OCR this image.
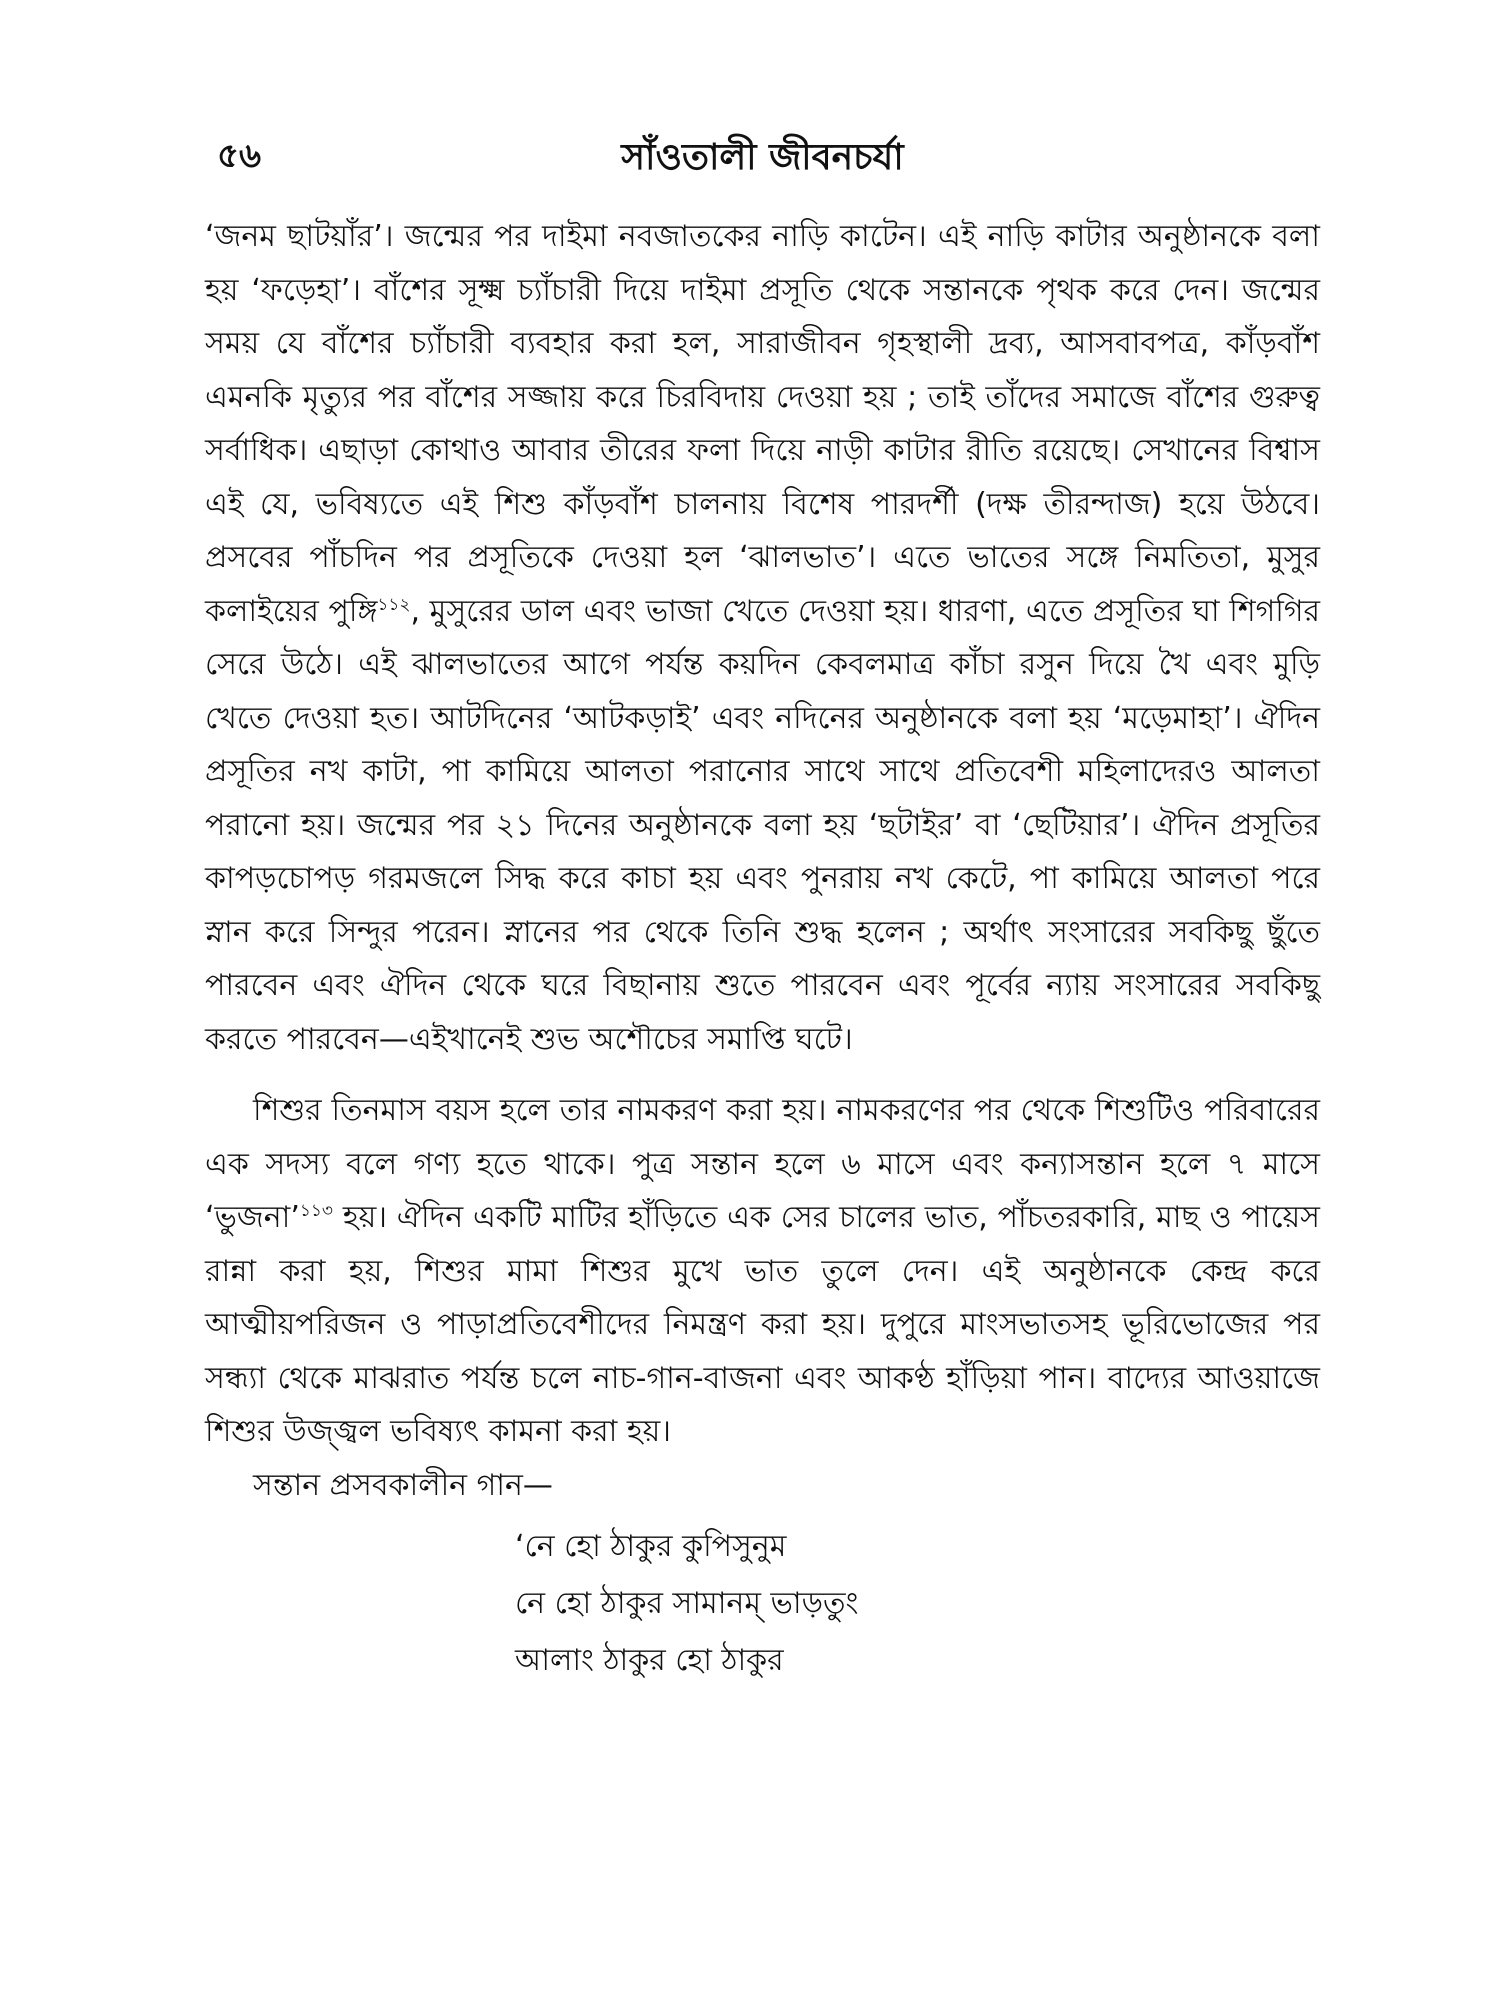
৫৬	সাঁওতালী জীবনচর্যা

‘জনম ছাটয়াঁর’। জন্মের পর দাইমা নবজাতকের নাড়ি কাটেন। এই নাড়ি কাটার অনুষ্ঠানকে বলা হয় ‘ফড়েহা’। বাঁশের সূক্ষ্ম চ্যাঁচারী দিয়ে দাইমা প্রসূতি থেকে সন্তানকে পৃথক করে দেন। জন্মের সময় যে বাঁশের চ্যাঁচারী ব্যবহার করা হল, সারাজীবন গৃহস্থালী দ্রব্য, আসবাবপত্র, কাঁড়বাঁশ এমনকি মৃত্যুর পর বাঁশের সজ্জায় করে চিরবিদায় দেওয়া হয় ; তাই তাঁদের সমাজে বাঁশের গুরুত্ব সর্বাধিক। এছাড়া কোথাও আবার তীরের ফলা দিয়ে নাড়ী কাটার রীতি রয়েছে। সেখানের বিশ্বাস এই যে, ভবিষ্যতে এই শিশু কাঁড়বাঁশ চালনায় বিশেষ পারদর্শী (দক্ষ তীরন্দাজ) হয়ে উঠবে। প্রসবের পাঁচদিন পর প্রসূতিকে দেওয়া হল ‘ঝালভাত’। এতে ভাতের সঙ্গে নিমতিতা, মুসুর কলাইয়ের পুঙ্গি$^{১১২}$, মুসুরের ডাল এবং ভাজা খেতে দেওয়া হয়। ধারণা, এতে প্রসূতির ঘা শিগগির সেরে উঠে। এই ঝালভাতের আগে পর্যন্ত কয়দিন কেবলমাত্র কাঁচা রসুন দিয়ে খৈ এবং মুড়ি খেতে দেওয়া হত। আটদিনের ‘আটকড়াই’ এবং নদিনের অনুষ্ঠানকে বলা হয় ‘মড়েমাহা’। ঐদিন প্রসূতির নখ কাটা, পা কামিয়ে আলতা পরানোর সাথে সাথে প্রতিবেশী মহিলাদেরও আলতা পরানো হয়। জন্মের পর ২১ দিনের অনুষ্ঠানকে বলা হয় ‘ছটাইর’ বা ‘ছেটিয়ার’। ঐদিন প্রসূতির কাপড়চোপড় গরমজলে সিদ্ধ করে কাচা হয় এবং পুনরায় নখ কেটে, পা কামিয়ে আলতা পরে স্নান করে সিন্দুর পরেন। স্নানের পর থেকে তিনি শুদ্ধ হলেন ; অর্থাৎ সংসারের সবকিছু ছুঁতে পারবেন এবং ঐদিন থেকে ঘরে বিছানায় শুতে পারবেন এবং পূর্বের ন্যায় সংসারের সবকিছু করতে পারবেন—এইখানেই শুভ অশৌচের সমাপ্তি ঘটে।

শিশুর তিনমাস বয়স হলে তার নামকরণ করা হয়। নামকরণের পর থেকে শিশুটিও পরিবারের এক সদস্য বলে গণ্য হতে থাকে। পুত্র সন্তান হলে ৬ মাসে এবং কন্যাসন্তান হলে ৭ মাসে ‘ভুজনা’$^{১১৩}$ হয়। ঐদিন একটি মাটির হাঁড়িতে এক সের চালের ভাত, পাঁচতরকারি, মাছ ও পায়েস রান্না করা হয়, শিশুর মামা শিশুর মুখে ভাত তুলে দেন। এই অনুষ্ঠানকে কেন্দ্র করে আত্মীয়পরিজন ও পাড়াপ্রতিবেশীদের নিমন্ত্রণ করা হয়। দুপুরে মাংসভাতসহ ভূরিভোজের পর সন্ধ্যা থেকে মাঝরাত পর্যন্ত চলে নাচ-গান-বাজনা এবং আকণ্ঠ হাঁড়িয়া পান। বাদ্যের আওয়াজে শিশুর উজ্জ্বল ভবিষ্যৎ কামনা করা হয়।

সন্তান প্রসবকালীন গান—

‘নে হো ঠাকুর কুপিসুনুম
নে হো ঠাকুর সামানম্ ভাড়তুং
আলাং ঠাকুর হো ঠাকুর
